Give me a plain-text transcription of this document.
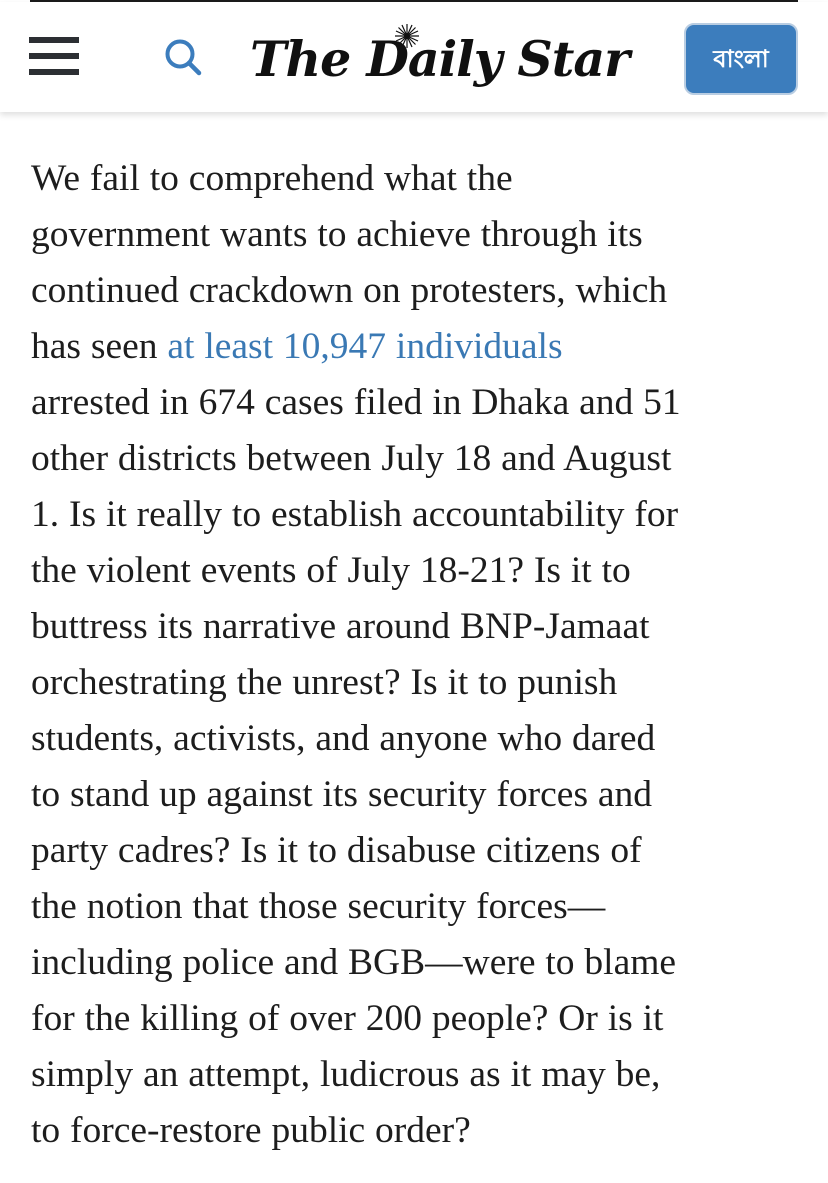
The Daily Star	বাংলা

We fail to comprehend what the
government wants to achieve through its
continued crackdown on protesters, which
has seen at least 10,947 individuals
arrested in 674 cases filed in Dhaka and 51
other districts between July 18 and August
1. Is it really to establish accountability for
the violent events of July 18-21? Is it to
buttress its narrative around BNP-Jamaat
orchestrating the unrest? Is it to punish
students, activists, and anyone who dared
to stand up against its security forces and
party cadres? Is it to disabuse citizens of
the notion that those security forces—
including police and BGB—were to blame
for the killing of over 200 people? Or is it
simply an attempt, ludicrous as it may be,
to force-restore public order?
